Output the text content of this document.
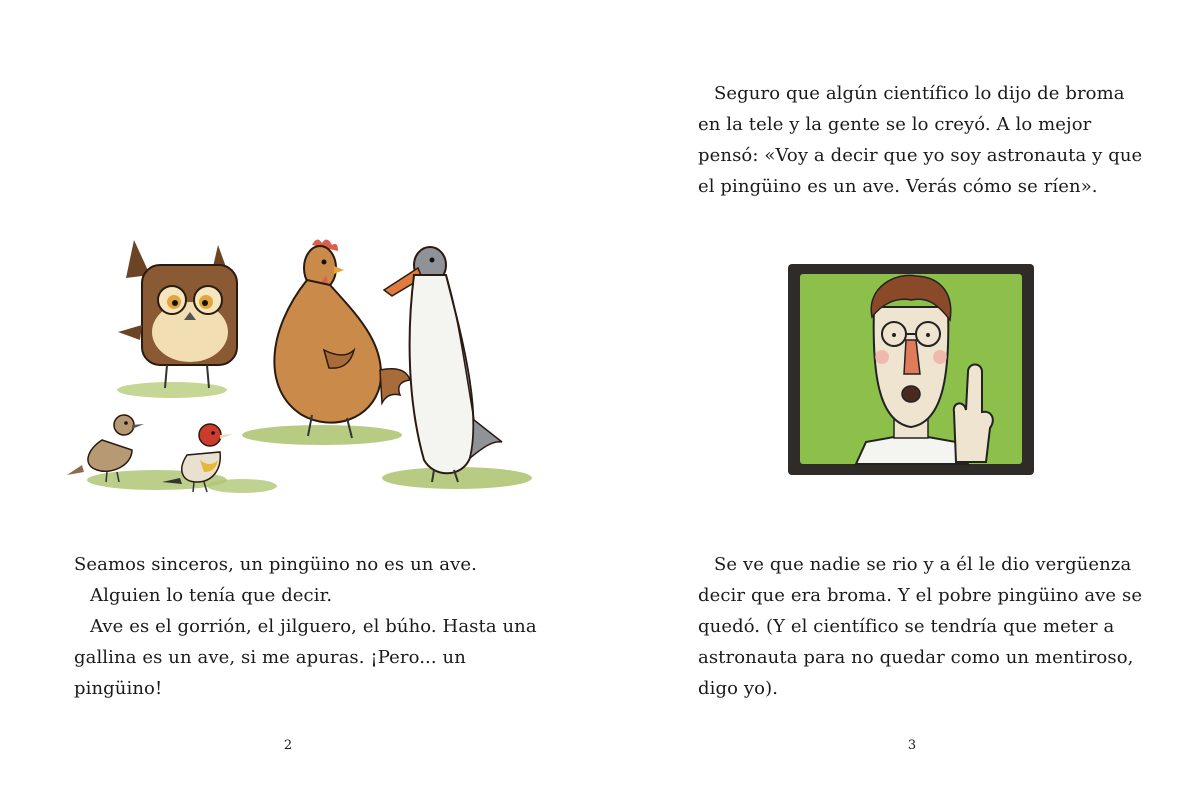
Seamos sinceros, un pingüino no es un ave.

Alguien lo tenía que decir.

Ave es el gorrión, el jilguero, el búho. Hasta una gallina es un ave, si me apuras. ¡Pero... un pingüino!

2

Seguro que algún científico lo dijo de broma en la tele y la gente se lo creyó. A lo mejor pensó: «Voy a decir que yo soy astronauta y que el pingüino es un ave. Verás cómo se ríen».

Se ve que nadie se rio y a él le dio vergüenza decir que era broma. Y el pobre pingüino ave se quedó. (Y el científico se tendría que meter a astronauta para no quedar como un mentiroso, digo yo).

3
